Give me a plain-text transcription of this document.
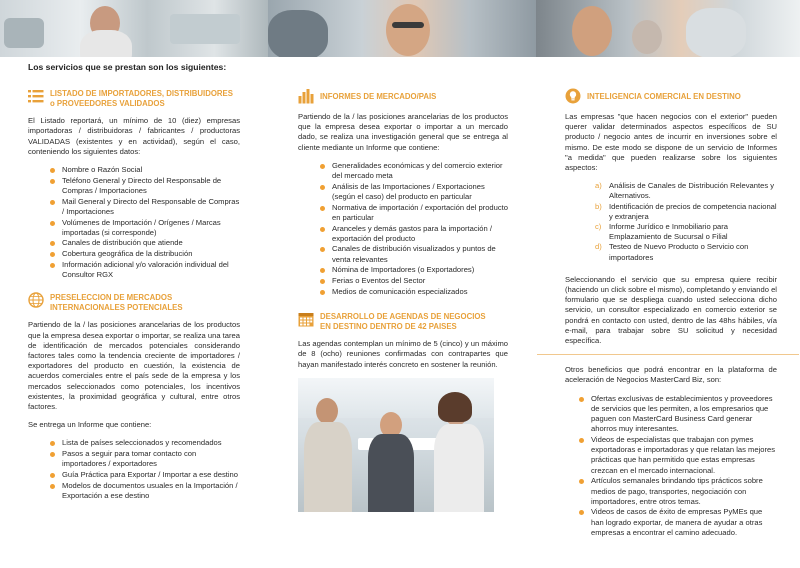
Los servicios que se prestan son los siguientes:
LISTADO DE IMPORTADORES, DISTRIBUIDORES
o PROVEEDORES VALIDADOS

El Listado reportará, un mínimo de 10 (diez) empresas importadoras / distribuidoras / fabricantes / productoras VALIDADAS (existentes y en actividad), según el caso, conteniendo los siguientes datos:

Nombre o Razón Social
Teléfono General y Directo del Responsable de Compras / Importaciones
Mail General y Directo del Responsable de Compras / Importaciones
Volúmenes de Importación / Orígenes / Marcas importadas (si corresponde)
Canales de distribución que atiende
Cobertura geográfica de la distribución
Información adicional y/o valoración individual del Consultor RGX
PRESELECCION DE MERCADOS
INTERNACIONALES POTENCIALES

Partiendo de la / las posiciones arancelarias de los productos que la empresa desea exportar o importar, se realiza una tarea de identificación de mercados potenciales considerando factores tales como la tendencia creciente de importadores / exportadores del producto en cuestión, la existencia de acuerdos comerciales entre el país sede de la empresa y los mercados seleccionados como potenciales, los incentivos existentes, la proximidad geográfica y cultural, entre otros factores.

Se entrega un Informe que contiene:

Lista de países seleccionados y recomendados
Pasos a seguir para tomar contacto con importadores / exportadores
Guía Práctica para Exportar / Importar a ese destino
Modelos de documentos usuales en la Importación / Exportación a ese destino
INFORMES DE MERCADO/PAIS

Partiendo de la / las posiciones arancelarias de los productos que la empresa desea exportar o importar a un mercado dado, se realiza una investigación general que se entrega al cliente mediante un Informe que contiene:

Generalidades económicas y del comercio exterior del mercado meta
Análisis de las Importaciones / Exportaciones (según el caso) del producto en particular
Normativa de importación / exportación del producto en particular
Aranceles y demás gastos para la importación / exportación del producto
Canales de distribución visualizados y puntos de venta relevantes
Nómina de Importadores (o Exportadores)
Ferias o Eventos del Sector
Medios de comunicación especializados
DESARROLLO DE AGENDAS DE NEGOCIOS
EN DESTINO DENTRO DE 42 PAISES

Las agendas contemplan un mínimo de 5 (cinco) y un máximo de 8 (ocho) reuniones confirmadas con contrapartes que hayan manifestado interés concreto en sostener la reunión.

INTELIGENCIA COMERCIAL EN DESTINO

Las empresas "que hacen negocios con el exterior" pueden querer validar determinados aspectos específicos de SU producto / negocio antes de incurrir en inversiones sobre el mismo. De este modo se dispone de un servicio de Informes "a medida" que pueden realizarse sobre los siguientes aspectos:

a) Análisis de Canales de Distribución Relevantes y Alternativos.
b) Identificación de precios de competencia nacional y extranjera
c) Informe Jurídico e Inmobiliario para Emplazamiento de Sucursal o Filial
d) Testeo de Nuevo Producto o Servicio con importadores

Seleccionando el servicio que su empresa quiere recibir (haciendo un click sobre el mismo), completando y enviando el formulario que se despliega cuando usted selecciona dicho servicio, un consultor especializado en comercio exterior se pondrá en contacto con usted, dentro de las 48hs hábiles, vía e-mail, para trabajar sobre SU solicitud y necesidad específica.

Otros beneficios que podrá encontrar en la plataforma de aceleración de Negocios MasterCard Biz, son:

Ofertas exclusivas de establecimientos y proveedores de servicios que les permiten, a los empresarios que paguen con MasterCard Business Card generar ahorros muy interesantes.
Videos de especialistas que trabajan con pymes exportadoras e importadoras y que relatan las mejores prácticas que han permitido que estas empresas crezcan en el mercado internacional.
Artículos semanales brindando tips prácticos sobre medios de pago, transportes, negociación con importadores, entre otros temas.
Videos de casos de éxito de empresas PyMEs que han logrado exportar, de manera de ayudar a otras empresas a encontrar el camino adecuado.
